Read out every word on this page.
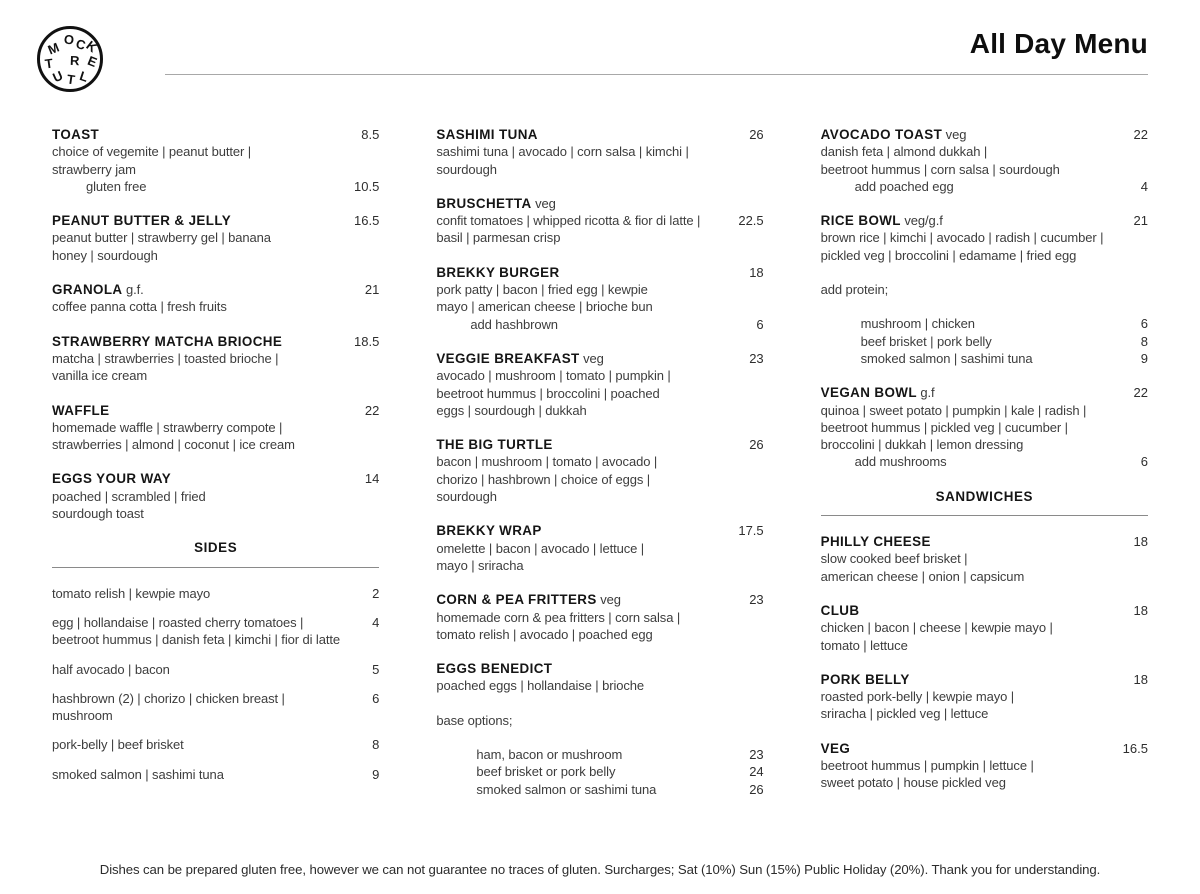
M
O C
K
T R E
U T L
All Day Menu
TOAST	8.5
choice of vegemite | peanut butter |
strawberry jam
gluten free	10.5
PEANUT BUTTER & JELLY	16.5
peanut butter | strawberry gel | banana
honey | sourdough
GRANOLA g.f.	21
coffee panna cotta | fresh fruits
STRAWBERRY MATCHA BRIOCHE	18.5
matcha | strawberries | toasted brioche |
vanilla ice cream
WAFFLE	22
homemade waffle | strawberry compote |
strawberries | almond | coconut | ice cream
EGGS YOUR WAY	14
poached | scrambled | fried
sourdough toast
SIDES
tomato relish | kewpie mayo	2
egg | hollandaise | roasted cherry tomatoes |	4
beetroot hummus | danish feta | kimchi | fior di latte
half avocado | bacon	5
hashbrown (2) | chorizo | chicken breast |	6
mushroom
pork-belly | beef brisket	8
smoked salmon | sashimi tuna	9
SASHIMI TUNA	26
sashimi tuna | avocado | corn salsa | kimchi |
sourdough
BRUSCHETTA veg
confit tomatoes | whipped ricotta & fior di latte |	22.5
basil | parmesan crisp
BREKKY BURGER	18
pork patty | bacon | fried egg | kewpie
mayo | american cheese | brioche bun
add hashbrown	6
VEGGIE BREAKFAST veg	23
avocado | mushroom | tomato | pumpkin |
beetroot hummus | broccolini | poached
eggs | sourdough | dukkah
THE BIG TURTLE	26
bacon | mushroom | tomato | avocado |
chorizo | hashbrown | choice of eggs |
sourdough
BREKKY WRAP	17.5
omelette | bacon | avocado | lettuce |
mayo | sriracha
CORN & PEA FRITTERS veg	23
homemade corn & pea fritters | corn salsa |
tomato relish | avocado | poached egg
EGGS BENEDICT
poached eggs | hollandaise | brioche
base options;
ham, bacon or mushroom	23
beef brisket or pork belly	24
smoked salmon or sashimi tuna	26
AVOCADO TOAST veg	22
danish feta | almond dukkah |
beetroot hummus | corn salsa | sourdough
add poached egg	4
RICE BOWL veg/g.f	21
brown rice | kimchi | avocado | radish | cucumber |
pickled veg | broccolini | edamame | fried egg
add protein;
mushroom | chicken	6
beef brisket | pork belly	8
smoked salmon | sashimi tuna	9
VEGAN BOWL g.f	22
quinoa | sweet potato | pumpkin | kale | radish |
beetroot hummus | pickled veg | cucumber |
broccolini | dukkah | lemon dressing
add mushrooms	6
SANDWICHES
PHILLY CHEESE	18
slow cooked beef brisket |
american cheese | onion | capsicum
CLUB	18
chicken | bacon | cheese | kewpie mayo |
tomato | lettuce
PORK BELLY	18
roasted pork-belly | kewpie mayo |
sriracha | pickled veg | lettuce
VEG	16.5
beetroot hummus | pumpkin | lettuce |
sweet potato | house pickled veg
Dishes can be prepared gluten free, however we can not guarantee no traces of gluten. Surcharges; Sat (10%) Sun (15%) Public Holiday (20%). Thank you for understanding.
